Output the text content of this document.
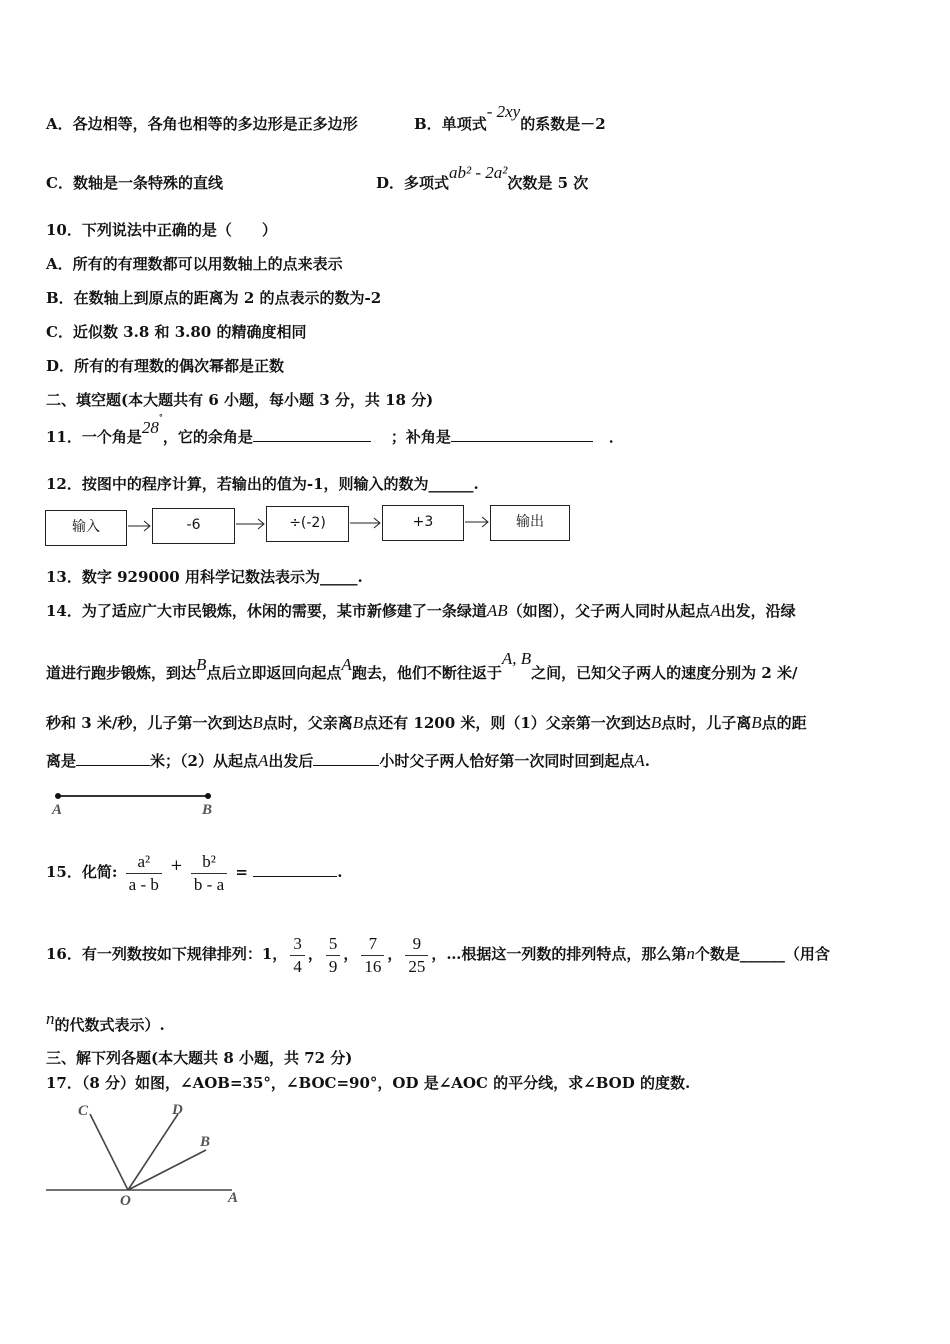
A．各边相等，各角也相等的多边形是正多边形	B．单项式- 2xy的系数是－2
C．数轴是一条特殊的直线	D．多项式ab² - 2a²次数是 5 次
10．下列说法中正确的是（　　）
A．所有的有理数都可以用数轴上的点来表示
B．在数轴上到原点的距离为 2 的点表示的数为-2
C．近似数 3.8 和 3.80 的精确度相同
D．所有的有理数的偶次幂都是正数
二、填空题(本大题共有 6 小题，每小题 3 分，共 18 分)
11．一个角是28°，它的余角是	；补角是	．
12．按图中的程序计算，若输出的值为-1，则输入的数为______.
输入	-6	÷(-2)	+3	输出
13．数字 929000 用科学记数法表示为_____.
14．为了适应广大市民锻炼，休闲的需要，某市新修建了一条绿道AB（如图），父子两人同时从起点A出发，沿绿
道进行跑步锻炼，到达B点后立即返回向起点A跑去，他们不断往返于A, B之间，已知父子两人的速度分别为 2 米/
秒和 3 米/秒，儿子第一次到达B点时，父亲离B点还有 1200 米，则（1）父亲第一次到达B点时，儿子离B点的距
离是	米；（2）从起点A出发后	小时父子两人恰好第一次同时回到起点A.
A	B
15．化简: $\frac{\text{a²}}{a - b} + \frac{\text{b²}}{b - a}$ =	.
16．有一列数按如下规律排列：1， $\frac{3}{4}$ ， $\frac{5}{9}$ ， $\frac{7}{16}$ ， $\frac{9}{25}$ ，…根据这一列数的排列特点，那么第n个数是______（用含
n的代数式表示）.
三、解下列各题(本大题共 8 小题，共 72 分)
17．（8 分）如图，∠AOB=35°，∠BOC=90°，OD 是∠AOC 的平分线，求∠BOD 的度数.
C	D
B
O	A
